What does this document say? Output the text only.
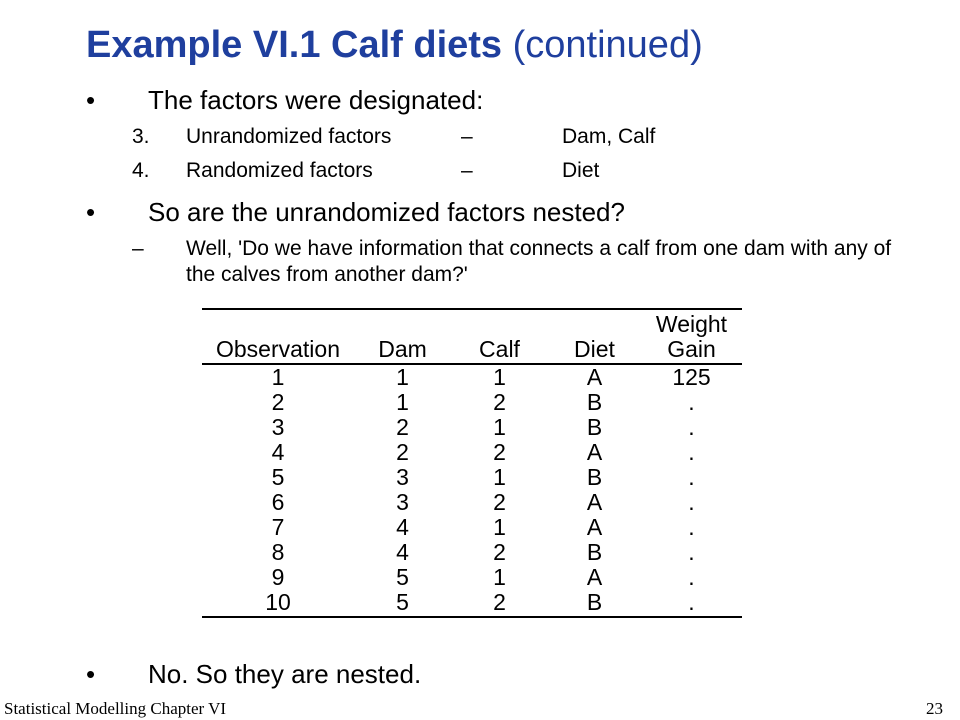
Example VI.1 Calf diets (continued)
• The factors were designated:
3. Unrandomized factors	–	Dam, Calf
4. Randomized factors	–	Diet
• So are the unrandomized factors nested?
– Well, 'Do we have information that connects a calf from one dam with any of the calves from another dam?'
Observation	Dam	Calf	Diet	Weight
Gain

1	1	1	A	125
2	1	2	B	.
3	2	1	B	.
4	2	2	A	.
5	3	1	B	.
6	3	2	A	.
7	4	1	A	.
8	4	2	B	.
9	5	1	A	.
10	5	2	B	.
• No. So they are nested.
Statistical Modelling Chapter VI	23
